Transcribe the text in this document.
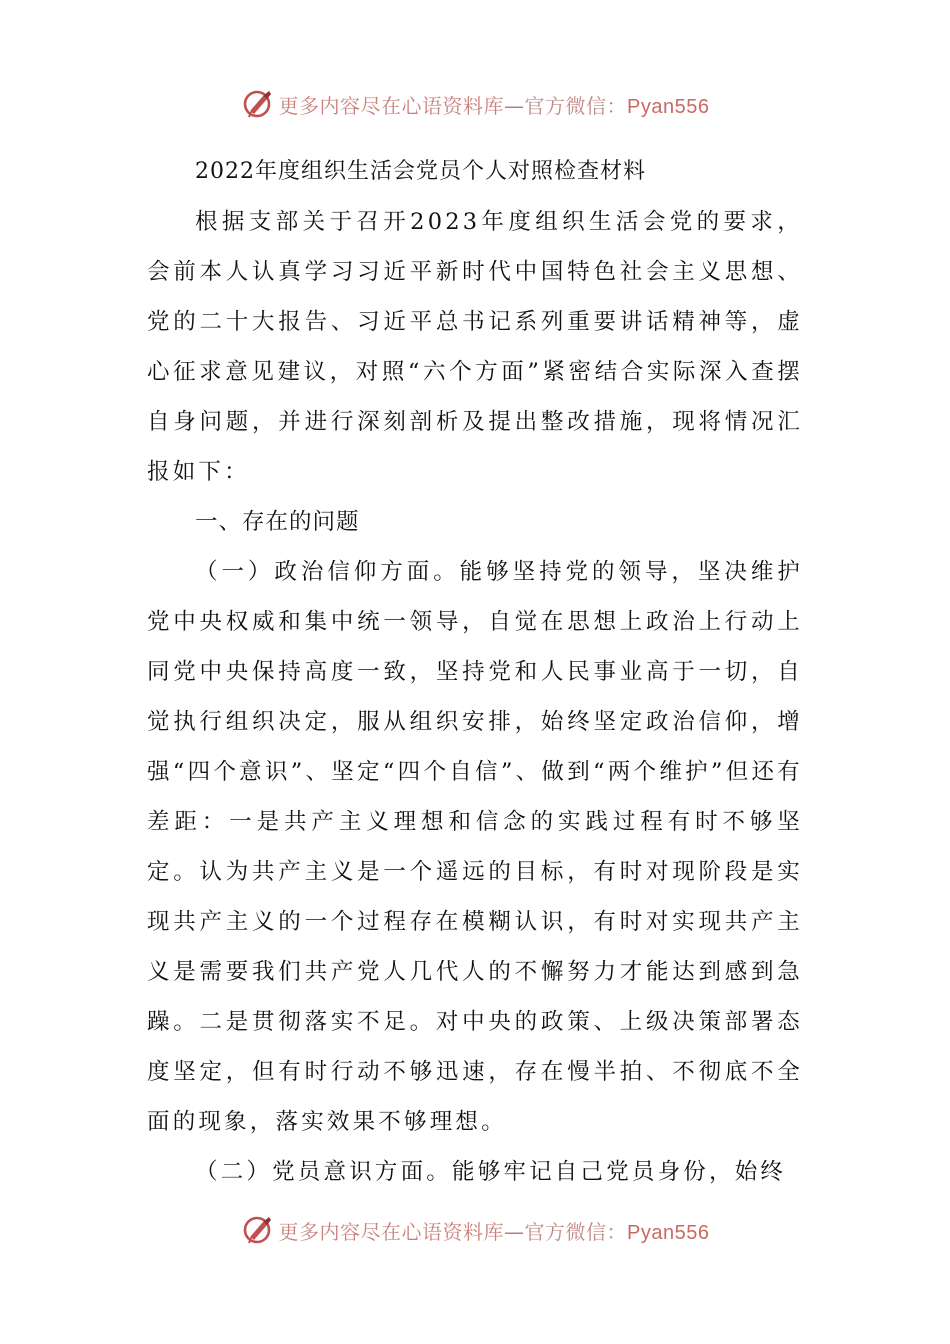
更多内容尽在心语资料库—官方微信：Pyan556
2022年度组织生活会党员个人对照检查材料

根据支部关于召开2023年度组织生活会党的要求，会前本人认真学习习近平新时代中国特色社会主义思想、党的二十大报告、习近平总书记系列重要讲话精神等，虚心征求意见建议，对照“六个方面”紧密结合实际深入查摆自身问题，并进行深刻剖析及提出整改措施，现将情况汇报如下：

一、存在的问题

（一）政治信仰方面。能够坚持党的领导，坚决维护党中央权威和集中统一领导，自觉在思想上政治上行动上同党中央保持高度一致，坚持党和人民事业高于一切，自觉执行组织决定，服从组织安排，始终坚定政治信仰，增强“四个意识”、坚定“四个自信”、做到“两个维护”但还有差距：一是共产主义理想和信念的实践过程有时不够坚定。认为共产主义是一个遥远的目标，有时对现阶段是实现共产主义的一个过程存在模糊认识，有时对实现共产主义是需要我们共产党人几代人的不懈努力才能达到感到急躁。二是贯彻落实不足。对中央的政策、上级决策部署态度坚定，但有时行动不够迅速，存在慢半拍、不彻底不全面的现象，落实效果不够理想。

（二）党员意识方面。能够牢记自己党员身份，始终

更多内容尽在心语资料库—官方微信：Pyan556
